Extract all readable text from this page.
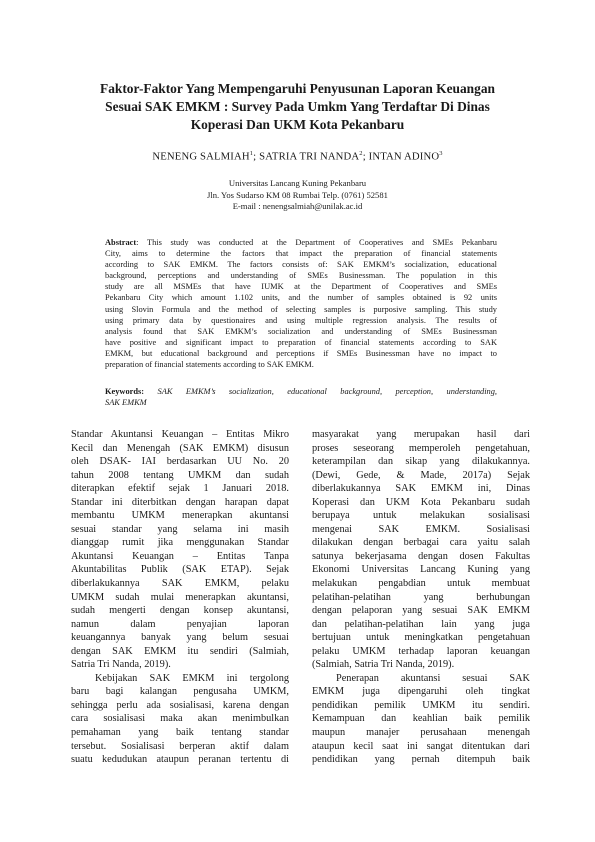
Faktor-Faktor Yang Mempengaruhi Penyusunan Laporan Keuangan
Sesuai SAK EMKM : Survey Pada Umkm Yang Terdaftar Di Dinas
Koperasi Dan UKM Kota Pekanbaru

NENENG SALMIAH$^1$; SATRIA TRI NANDA$^2$; INTAN ADINO$^3$

Universitas Lancang Kuning Pekanbaru
Jln. Yos Sudarso KM 08 Rumbai Telp. (0761) 52581
E-mail : nenengsalmiah@unilak.ac.id
Abstract: This study was conducted at the Department of Cooperatives and SMEs Pekanbaru
City, aims to determine the factors that impact the preparation of financial statements
according to SAK EMKM. The factors consists of: SAK EMKM’s socialization, educational
background, perceptions and understanding of SMEs Businessman. The population in this
study are all MSMEs that have IUMK at the Department of Cooperatives and SMEs
Pekanbaru City which amount 1.102 units, and the number of samples obtained is 92 units
using Slovin Formula and the method of selecting samples is purposive sampling. This study
using primary data by questionaires and using multiple regression analysis. The results of
analysis found that SAK EMKM’s socialization and understanding of SMEs Businessman
have positive and significant impact to preparation of financial statements according to SAK
EMKM, but educational background and perceptions if SMEs Businessman have no impact to
preparation of financial statements according to SAK EMKM.
Keywords: SAK EMKM’s socialization, educational background, perception, understanding,
SAK EMKM
Standar Akuntansi Keuangan – Entitas Mikro
Kecil dan Menengah (SAK EMKM) disusun
oleh DSAK- IAI berdasarkan UU No. 20
tahun 2008 tentang UMKM dan sudah
diterapkan efektif sejak 1 Januari 2018.
Standar ini diterbitkan dengan harapan dapat
membantu UMKM menerapkan akuntansi
sesuai standar yang selama ini masih
dianggap rumit jika menggunakan Standar
Akuntansi Keuangan – Entitas Tanpa
Akuntabilitas Publik (SAK ETAP). Sejak
diberlakukannya SAK EMKM, pelaku
UMKM sudah mulai menerapkan akuntansi,
sudah mengerti dengan konsep akuntansi,
namun dalam penyajian laporan
keuangannya banyak yang belum sesuai
dengan SAK EMKM itu sendiri (Salmiah,
Satria Tri Nanda, 2019).
Kebijakan SAK EMKM ini tergolong
baru bagi kalangan pengusaha UMKM,
sehingga perlu ada sosialisasi, karena dengan
cara sosialisasi maka akan menimbulkan
pemahaman yang baik tentang standar
tersebut. Sosialisasi berperan aktif dalam
suatu kedudukan ataupun peranan tertentu di
masyarakat yang merupakan hasil dari
proses seseorang memperoleh pengetahuan,
keterampilan dan sikap yang dilakukannya.
(Dewi, Gede, & Made, 2017a) Sejak
diberlakukannya SAK EMKM ini, Dinas
Koperasi dan UKM Kota Pekanbaru sudah
berupaya untuk melakukan sosialisasi
mengenai SAK EMKM. Sosialisasi
dilakukan dengan berbagai cara yaitu salah
satunya bekerjasama dengan dosen Fakultas
Ekonomi Universitas Lancang Kuning yang
melakukan pengabdian untuk membuat
pelatihan-pelatihan yang berhubungan
dengan pelaporan yang sesuai SAK EMKM
dan pelatihan-pelatihan lain yang juga
bertujuan untuk meningkatkan pengetahuan
pelaku UMKM terhadap laporan keuangan
(Salmiah, Satria Tri Nanda, 2019).
Penerapan akuntansi sesuai SAK
EMKM juga dipengaruhi oleh tingkat
pendidikan pemilik UMKM itu sendiri.
Kemampuan dan keahlian baik pemilik
maupun manajer perusahaan menengah
ataupun kecil saat ini sangat ditentukan dari
pendidikan yang pernah ditempuh baik
